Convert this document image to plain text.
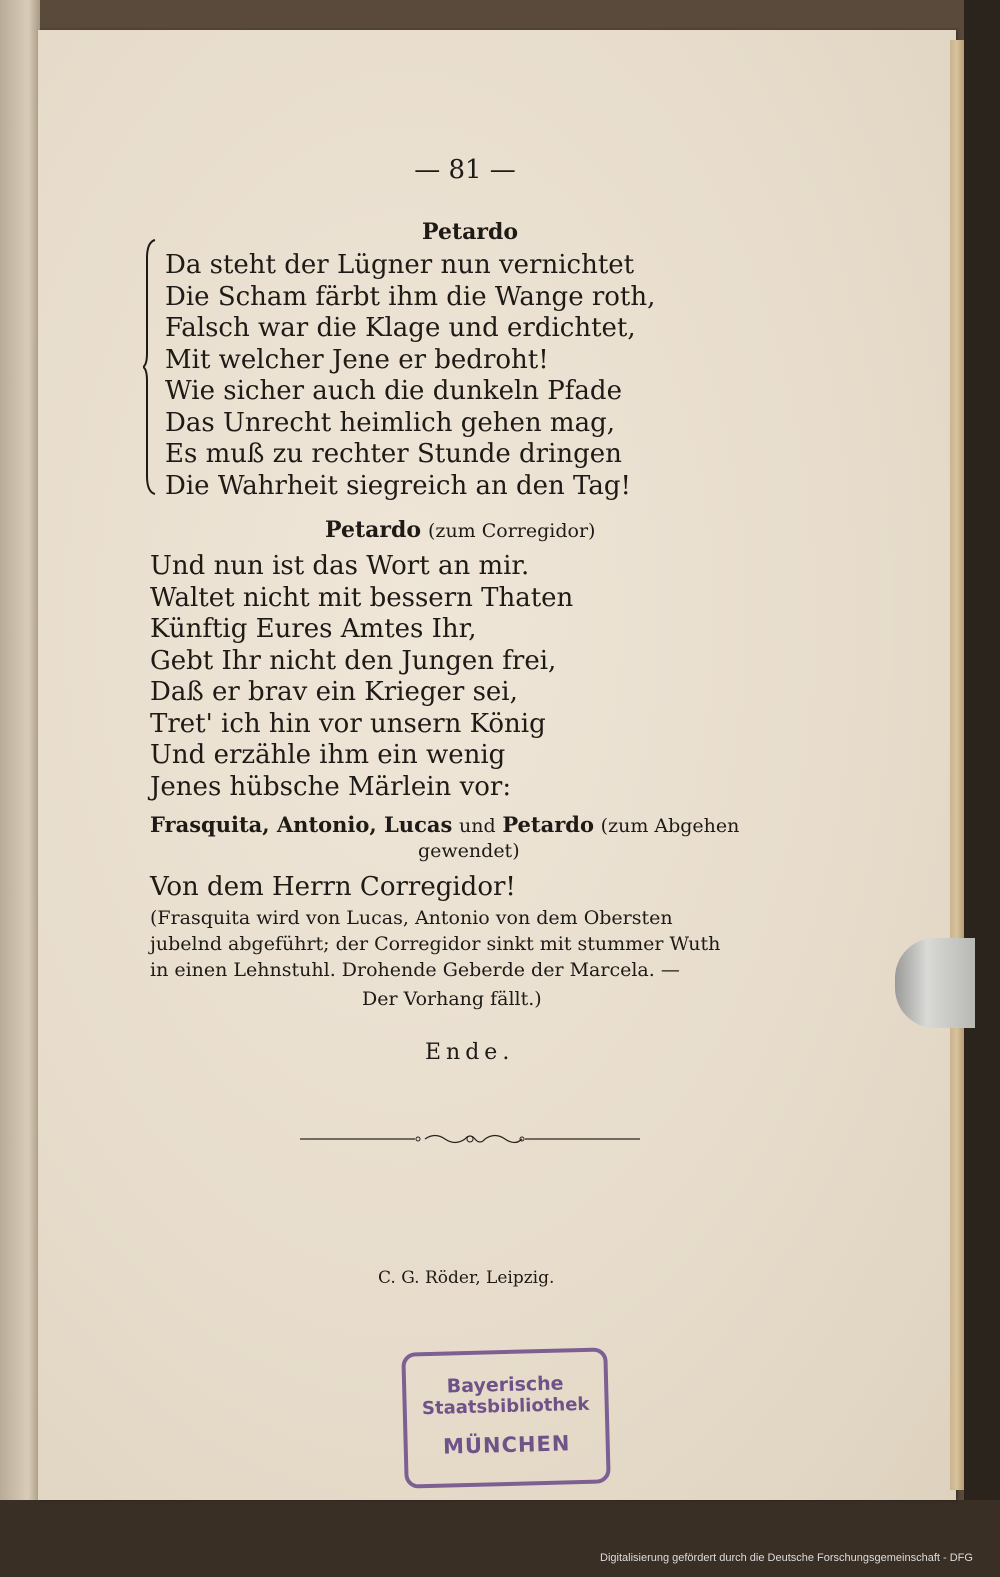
— 81 —
Petardo
Da steht der Lügner nun vernichtet
Die Scham färbt ihm die Wange roth,
Falsch war die Klage und erdichtet,
Mit welcher Jene er bedroht!
Wie sicher auch die dunkeln Pfade
Das Unrecht heimlich gehen mag,
Es muß zu rechter Stunde dringen
Die Wahrheit siegreich an den Tag!
Petardo (zum Corregidor)
Und nun ist das Wort an mir.
Waltet nicht mit bessern Thaten
Künftig Eures Amtes Ihr,
Gebt Ihr nicht den Jungen frei,
Daß er brav ein Krieger sei,
Tret' ich hin vor unsern König
Und erzähle ihm ein wenig
Jenes hübsche Märlein vor:
Frasquita, Antonio, Lucas und Petardo (zum Abgehen
gewendet)
Von dem Herrn Corregidor!
(Frasquita wird von Lucas, Antonio von dem Obersten
jubelnd abgeführt; der Corregidor sinkt mit stummer Wuth
in einen Lehnstuhl. Drohende Geberde der Marcela. —
Der Vorhang fällt.)
Ende.
C. G. Röder, Leipzig.
Bayerische
Staatsbibliothek
MÜNCHEN
Digitalisierung gefördert durch die Deutsche Forschungsgemeinschaft - DFG
